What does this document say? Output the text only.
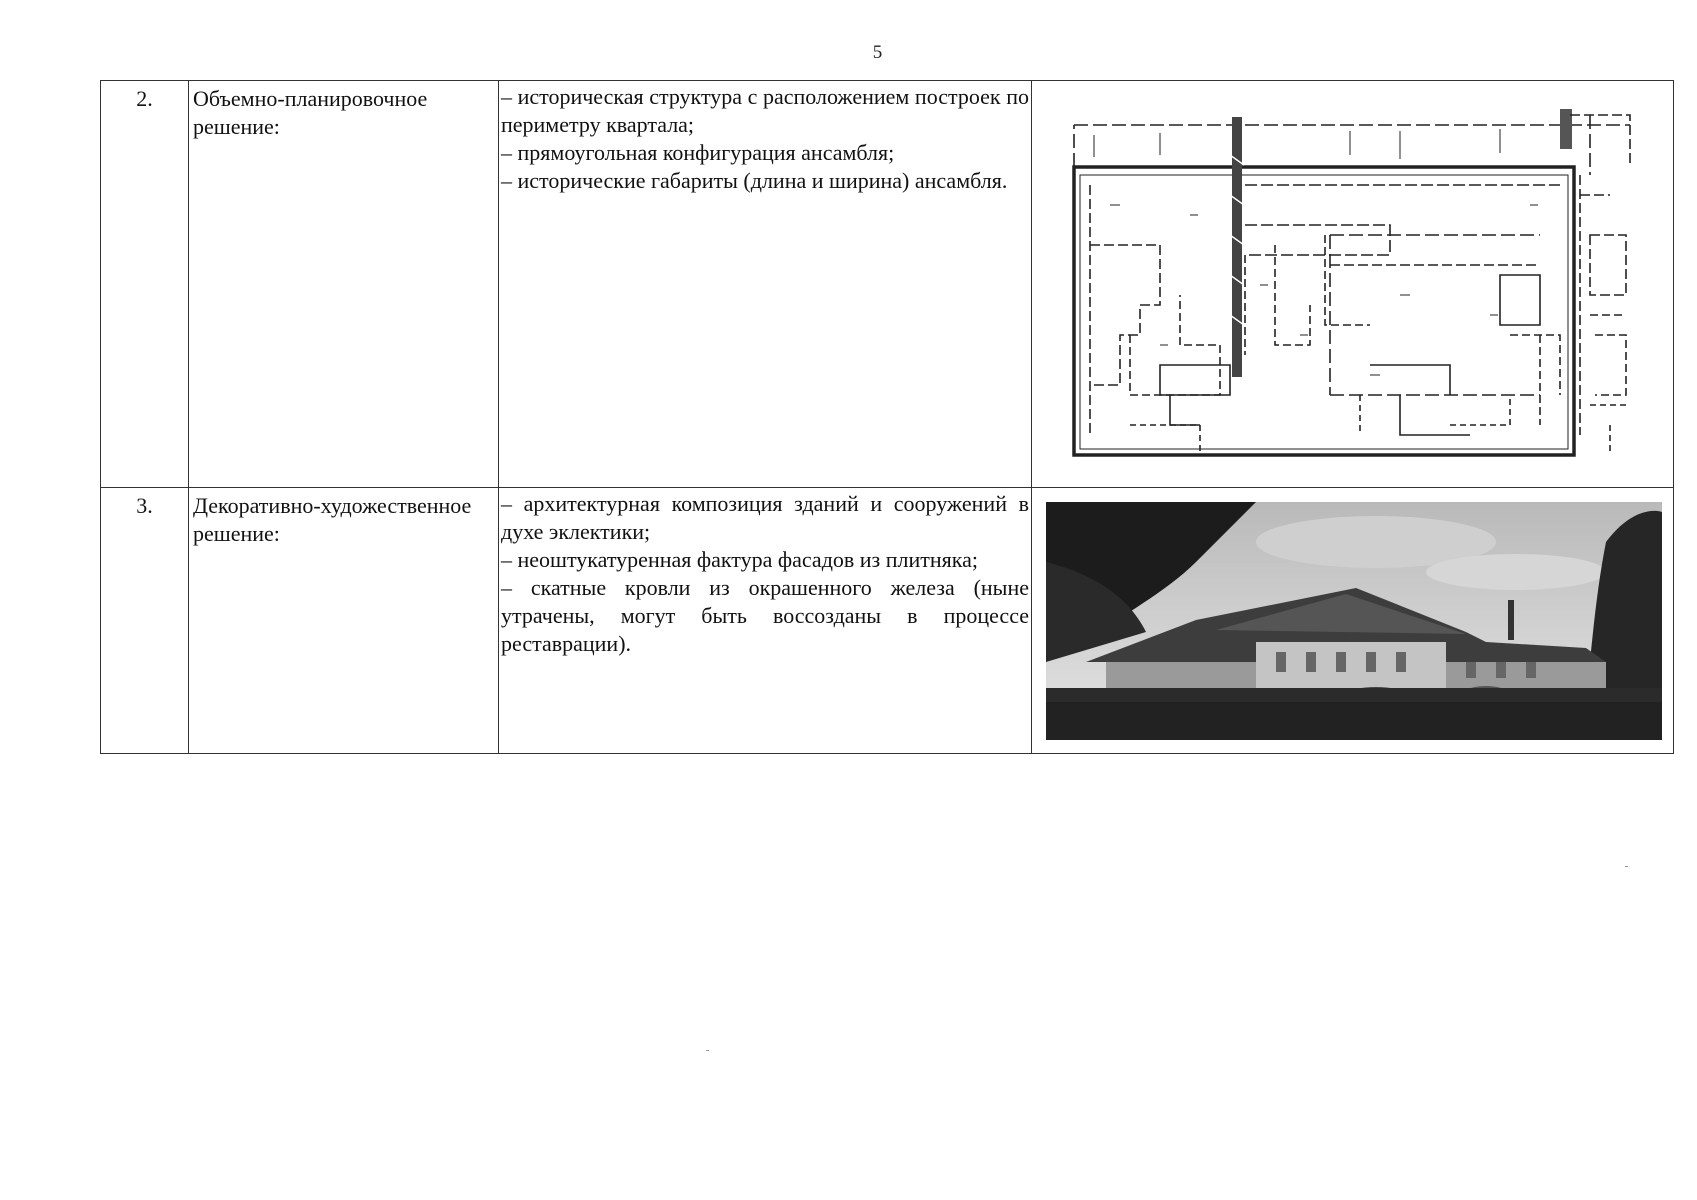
5
2.	Объемно-планировочное решение:	– историческая структура с расположением построек по периметру квартала;

– прямоугольная конфигурация ансамбля;

– исторические габариты (длина и ширина) ансамбля.

3.	Декоративно-художественное решение:	– архитектурная композиция зданий и сооружений в духе эклектики;

– неоштукатуренная фактура фасадов из плитняка;

– скатные кровли из окрашенного железа (ныне утрачены, могут быть воссозданы в процессе реставрации).
